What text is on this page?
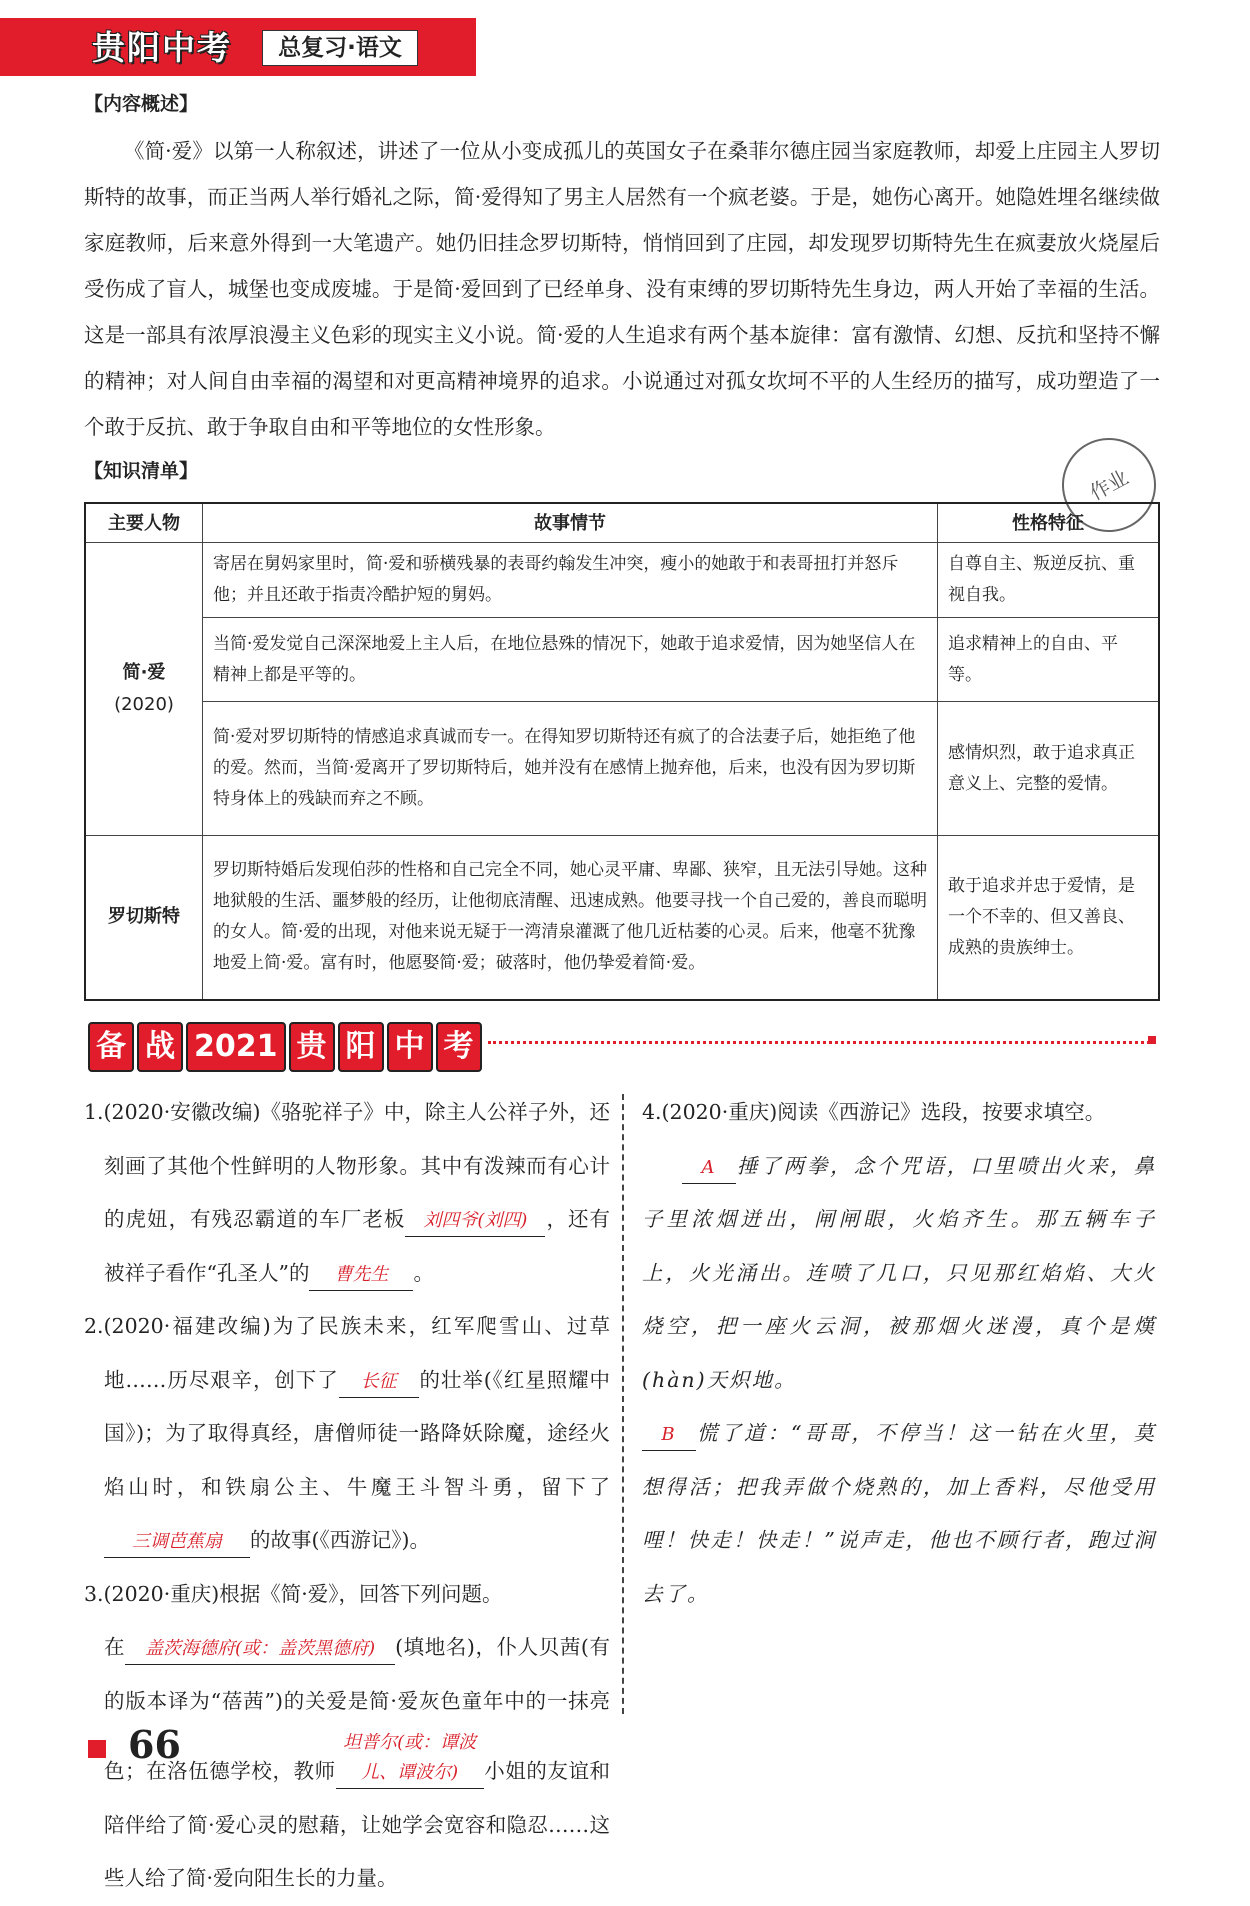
贵阳中考	总复习·语文
【内容概述】

《简·爱》以第一人称叙述，讲述了一位从小变成孤儿的英国女子在桑菲尔德庄园当家庭教师，却爱上庄园主人罗切斯特的故事，而正当两人举行婚礼之际，简·爱得知了男主人居然有一个疯老婆。于是，她伤心离开。她隐姓埋名继续做家庭教师，后来意外得到一大笔遗产。她仍旧挂念罗切斯特，悄悄回到了庄园，却发现罗切斯特先生在疯妻放火烧屋后受伤成了盲人，城堡也变成废墟。于是简·爱回到了已经单身、没有束缚的罗切斯特先生身边，两人开始了幸福的生活。这是一部具有浓厚浪漫主义色彩的现实主义小说。简·爱的人生追求有两个基本旋律：富有激情、幻想、反抗和坚持不懈的精神；对人间自由幸福的渴望和对更高精神境界的追求。小说通过对孤女坎坷不平的人生经历的描写，成功塑造了一个敢于反抗、敢于争取自由和平等地位的女性形象。

【知识清单】	作业
主要人物	故事情节	性格特征

简·爱
(2020)	寄居在舅妈家里时，简·爱和骄横残暴的表哥约翰发生冲突，瘦小的她敢于和表哥扭打并怒斥他；并且还敢于指责冷酷护短的舅妈。	自尊自主、叛逆反抗、重视自我。
	当简·爱发觉自己深深地爱上主人后，在地位悬殊的情况下，她敢于追求爱情，因为她坚信人在精神上都是平等的。	追求精神上的自由、平等。
	简·爱对罗切斯特的情感追求真诚而专一。在得知罗切斯特还有疯了的合法妻子后，她拒绝了他的爱。然而，当简·爱离开了罗切斯特后，她并没有在感情上抛弃他，后来，也没有因为罗切斯特身体上的残缺而弃之不顾。	感情炽烈，敢于追求真正意义上、完整的爱情。
罗切斯特	罗切斯特婚后发现伯莎的性格和自己完全不同，她心灵平庸、卑鄙、狭窄，且无法引导她。这种地狱般的生活、噩梦般的经历，让他彻底清醒、迅速成熟。他要寻找一个自己爱的，善良而聪明的女人。简·爱的出现，对他来说无疑于一湾清泉灌溉了他几近枯萎的心灵。后来，他毫不犹豫地爱上简·爱。富有时，他愿娶简·爱；破落时，他仍挚爱着简·爱。	敢于追求并忠于爱情，是一个不幸的、但又善良、成熟的贵族绅士。
备 战 2021 贵 阳 中 考

1.(2020·安徽改编)《骆驼祥子》中，除主人公祥子外，还刻画了其他个性鲜明的人物形象。其中有泼辣而有心计的虎妞，有残忍霸道的车厂老板 刘四爷(刘四) ，还有被祥子看作“孔圣人”的 曹先生 。

2.(2020·福建改编)为了民族未来，红军爬雪山、过草地……历尽艰辛，创下了 长征 的壮举(《红星照耀中国》)；为了取得真经，唐僧师徒一路降妖除魔，途经火焰山时，和铁扇公主、牛魔王斗智斗勇，留下了三调芭蕉扇 的故事(《西游记》)。

3.(2020·重庆)根据《简·爱》，回答下列问题。
在 盖茨海德府(或：盖茨黑德府) (填地名)，仆人贝茜(有的版本译为“蓓茜”)的关爱是简·爱灰色童年中的一抹亮色；在洛伍德学校，教师坦普尔(或：谭波儿、谭波尔) 小姐的友谊和陪伴给了简·爱心灵的慰藉，让她学会宽容和隐忍……这些人给了简·爱向阳生长的力量。

4.(2020·重庆)阅读《西游记》选段，按要求填空。

A 捶了两拳，念个咒语，口里喷出火来，鼻子里浓烟迸出，闸闸眼，火焰齐生。那五辆车子上，火光涌出。连喷了几口，只见那红焰焰、大火烧空，把一座火云洞，被那烟火迷漫，真个是熯(hàn)天炽地。

B 慌了道：“哥哥，不停当！这一钻在火里，莫想得活；把我弄做个烧熟的，加上香料，尽他受用哩！快走！快走！”说声走，他也不顾行者，跑过涧去了。

66
